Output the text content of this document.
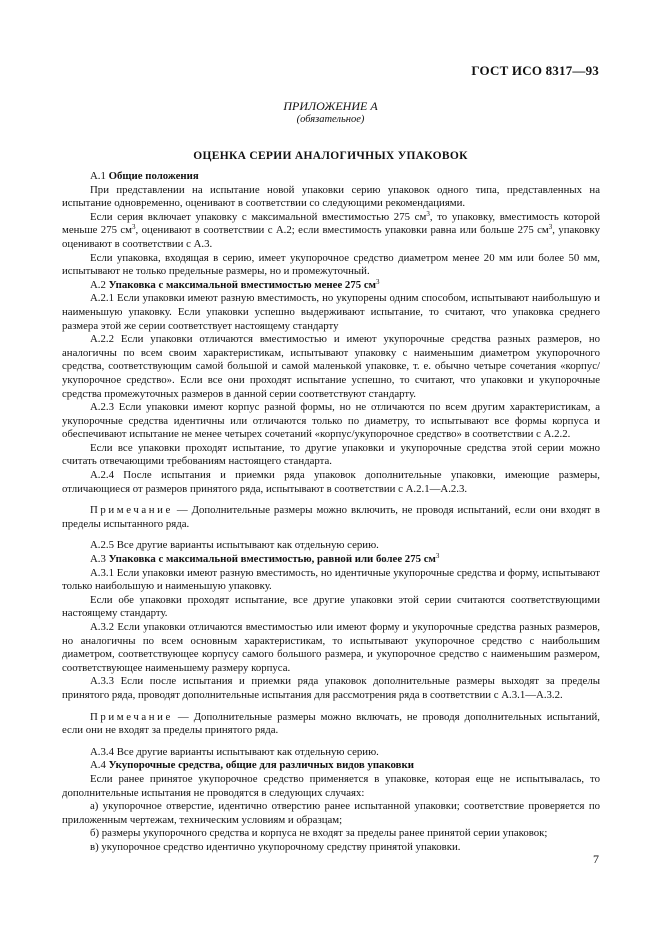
ГОСТ ИСО 8317—93
ПРИЛОЖЕНИЕ А
(обязательное)
ОЦЕНКА СЕРИИ АНАЛОГИЧНЫХ УПАКОВОК

А.1 Общие положения

При представлении на испытание новой упаковки серию упаковок одного типа, представленных на испытание одновременно, оценивают в соответствии со следующими рекомендациями.

Если серия включает упаковку с максимальной вместимостью 275 $см^3$, то упаковку, вместимость которой меньше 275 $см^3$, оценивают в соответствии с А.2; если вместимость упаковки равна или больше 275 $см^3$, упаковку оценивают в соответствии с А.3.

Если упаковка, входящая в серию, имеет укупорочное средство диаметром менее 20 мм или более 50 мм, испытывают не только предельные размеры, но и промежуточный.

А.2 Упаковка с максимальной вместимостью менее 275 $см^3$

А.2.1 Если упаковки имеют разную вместимость, но укупорены одним способом, испытывают наибольшую и наименьшую упаковку. Если упаковки успешно выдерживают испытание, то считают, что упаковка среднего размера этой же серии соответствует настоящему стандарту

А.2.2 Если упаковки отличаются вместимостью и имеют укупорочные средства разных размеров, но аналогичны по всем своим характеристикам, испытывают упаковку с наименьшим диаметром укупорочного средства, соответствующим самой большой и самой маленькой упаковке, т. е. обычно четыре сочетания «корпус/укупорочное средство». Если все они проходят испытание успешно, то считают, что упаковки и укупорочные средства промежуточных размеров в данной серии соответствуют стандарту.

А.2.3 Если упаковки имеют корпус разной формы, но не отличаются по всем другим характеристикам, а укупорочные средства идентичны или отличаются только по диаметру, то испытывают все формы корпуса и обеспечивают испытание не менее четырех сочетаний «корпус/укупорочное средство» в соответствии с А.2.2.

Если все упаковки проходят испытание, то другие упаковки и укупорочные средства этой серии можно считать отвечающими требованиям настоящего стандарта.

А.2.4 После испытания и приемки ряда упаковок дополнительные упаковки, имеющие размеры, отличающиеся от размеров принятого ряда, испытывают в соответствии с А.2.1—А.2.3.

Примечание — Дополнительные размеры можно включить, не проводя испытаний, если они входят в пределы испытанного ряда.

А.2.5 Все другие варианты испытывают как отдельную серию.

А.3 Упаковка с максимальной вместимостью, равной или более 275 $см^3$

А.3.1 Если упаковки имеют разную вместимость, но идентичные укупорочные средства и форму, испытывают только наибольшую и наименьшую упаковку.

Если обе упаковки проходят испытание, все другие упаковки этой серии считаются соответствующими настоящему стандарту.

А.3.2 Если упаковки отличаются вместимостью или имеют форму и укупорочные средства разных размеров, но аналогичны по всем основным характеристикам, то испытывают укупорочное средство с наибольшим диаметром, соответствующее корпусу самого большого размера, и укупорочное средство с наименьшим размером, соответствующее наименьшему размеру корпуса.

А.3.3 Если после испытания и приемки ряда упаковок дополнительные размеры выходят за пределы принятого ряда, проводят дополнительные испытания для рассмотрения ряда в соответствии с А.3.1—А.3.2.

Примечание — Дополнительные размеры можно включать, не проводя дополнительных испытаний, если они не входят за пределы принятого ряда.

А.3.4 Все другие варианты испытывают как отдельную серию.

А.4 Укупорочные средства, общие для различных видов упаковки

Если ранее принятое укупорочное средство применяется в упаковке, которая еще не испытывалась, то дополнительные испытания не проводятся в следующих случаях:

а) укупорочное отверстие, идентично отверстию ранее испытанной упаковки; соответствие проверяется по приложенным чертежам, техническим условиям и образцам;

б) размеры укупорочного средства и корпуса не входят за пределы ранее принятой серии упаковок;

в) укупорочное средство идентично укупорочному средству принятой упаковки.

7
